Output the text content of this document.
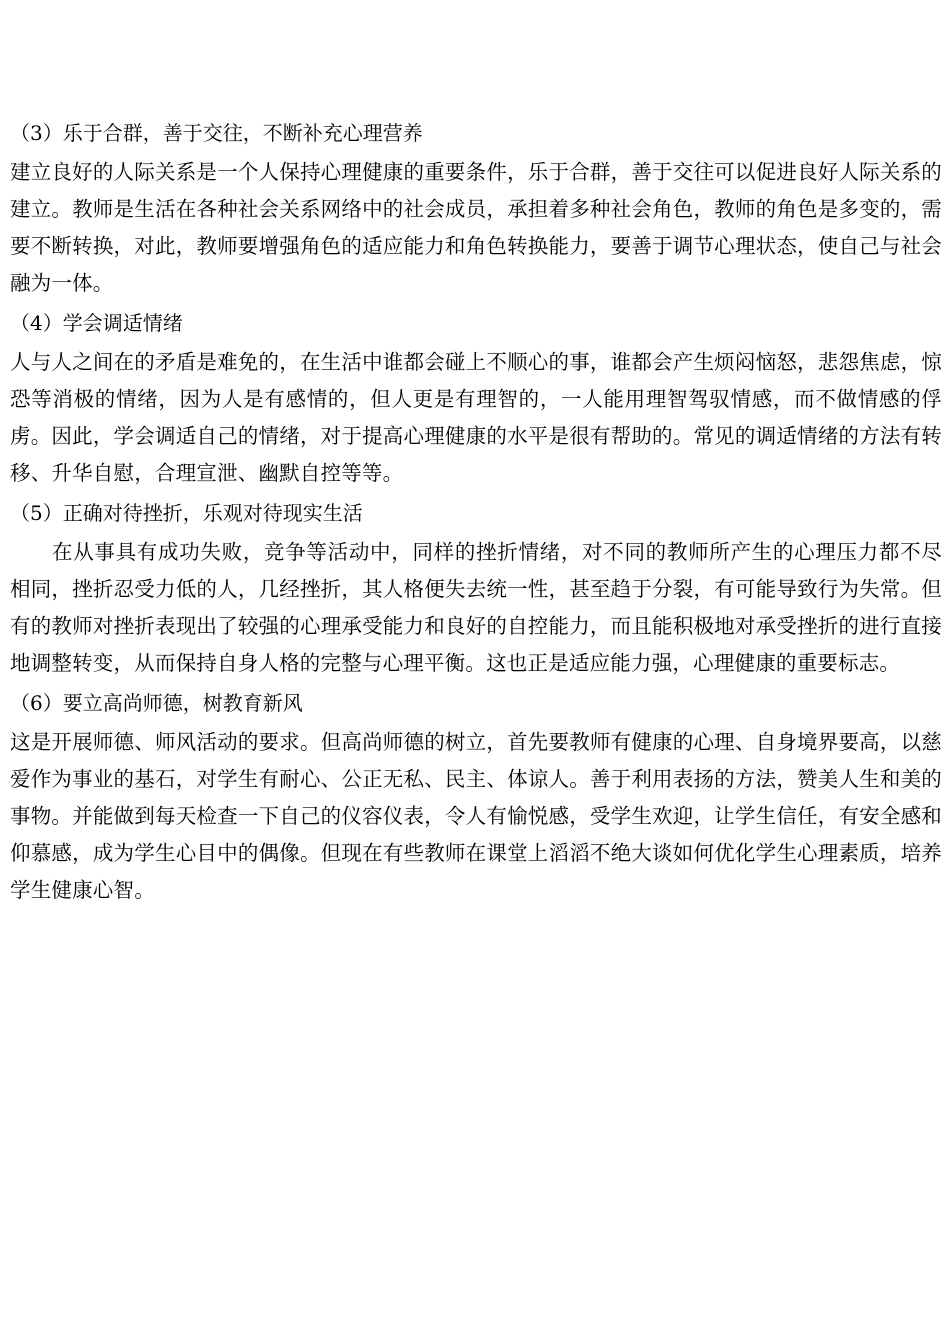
（3）乐于合群，善于交往，不断补充心理营养
建立良好的人际关系是一个人保持心理健康的重要条件，乐于合群，善于交往可以促进良好人际关系的建立。教师是生活在各种社会关系网络中的社会成员，承担着多种社会角色，教师的角色是多变的，需要不断转换，对此，教师要增强角色的适应能力和角色转换能力，要善于调节心理状态，使自己与社会融为一体。
（4）学会调适情绪
人与人之间在的矛盾是难免的，在生活中谁都会碰上不顺心的事，谁都会产生烦闷恼怒，悲怨焦虑，惊恐等消极的情绪，因为人是有感情的，但人更是有理智的，一人能用理智驾驭情感，而不做情感的俘虏。因此，学会调适自己的情绪，对于提高心理健康的水平是很有帮助的。常见的调适情绪的方法有转移、升华自慰，合理宣泄、幽默自控等等。
（5）正确对待挫折，乐观对待现实生活
在从事具有成功失败，竞争等活动中，同样的挫折情绪，对不同的教师所产生的心理压力都不尽相同，挫折忍受力低的人，几经挫折，其人格便失去统一性，甚至趋于分裂，有可能导致行为失常。但有的教师对挫折表现出了较强的心理承受能力和良好的自控能力，而且能积极地对承受挫折的进行直接地调整转变，从而保持自身人格的完整与心理平衡。这也正是适应能力强，心理健康的重要标志。
（6）要立高尚师德，树教育新风
这是开展师德、师风活动的要求。但高尚师德的树立，首先要教师有健康的心理、自身境界要高，以慈爱作为事业的基石，对学生有耐心、公正无私、民主、体谅人。善于利用表扬的方法，赞美人生和美的事物。并能做到每天检查一下自己的仪容仪表，令人有愉悦感，受学生欢迎，让学生信任，有安全感和仰慕感，成为学生心目中的偶像。但现在有些教师在课堂上滔滔不绝大谈如何优化学生心理素质，培养学生健康心智。
